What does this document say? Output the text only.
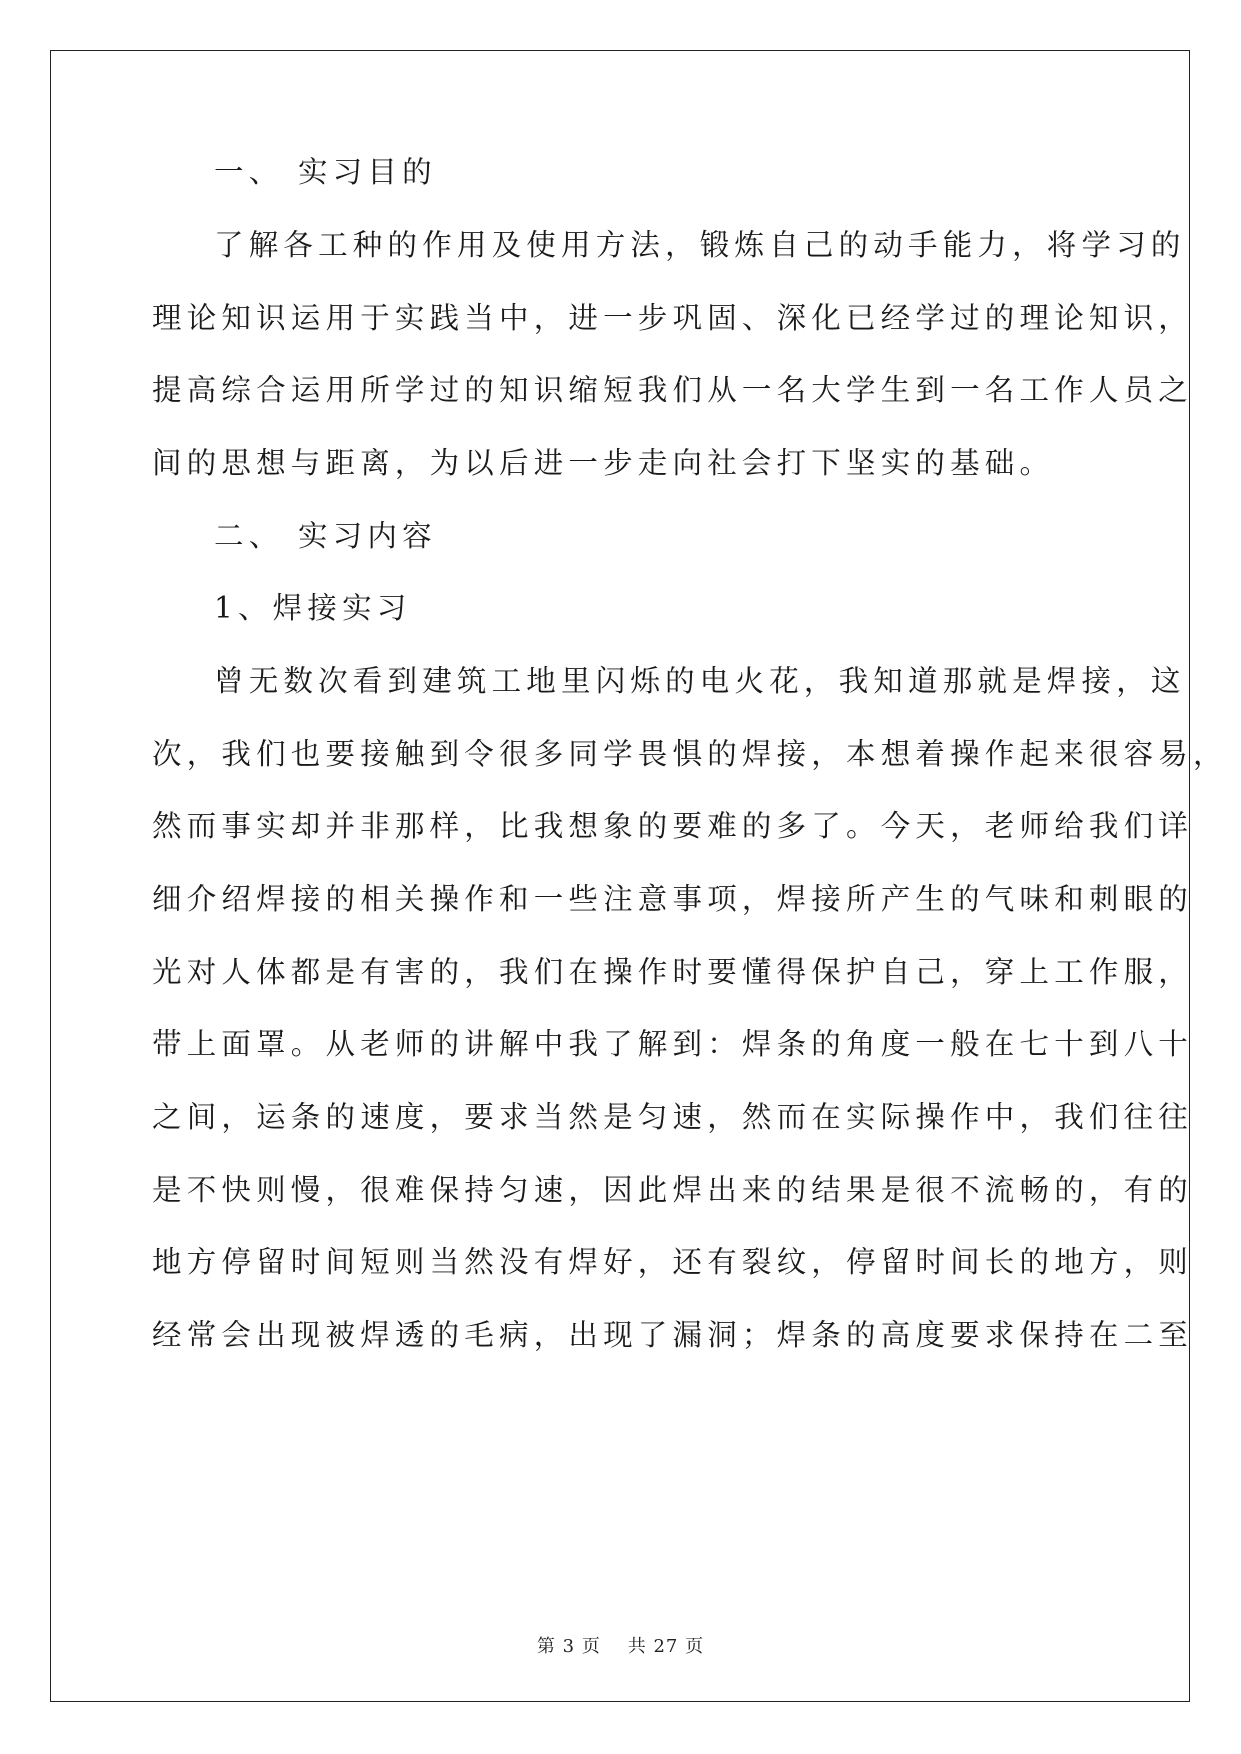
一、 实习目的
了解各工种的作用及使用方法，锻炼自己的动手能力，将学习的
理论知识运用于实践当中，进一步巩固、深化已经学过的理论知识，
提高综合运用所学过的知识缩短我们从一名大学生到一名工作人员之
间的思想与距离，为以后进一步走向社会打下坚实的基础。
二、 实习内容
1、焊接实习
曾无数次看到建筑工地里闪烁的电火花，我知道那就是焊接，这
次，我们也要接触到令很多同学畏惧的焊接，本想着操作起来很容易，
然而事实却并非那样，比我想象的要难的多了。今天，老师给我们详
细介绍焊接的相关操作和一些注意事项，焊接所产生的气味和刺眼的
光对人体都是有害的，我们在操作时要懂得保护自己，穿上工作服，
带上面罩。从老师的讲解中我了解到：焊条的角度一般在七十到八十
之间，运条的速度，要求当然是匀速，然而在实际操作中，我们往往
是不快则慢，很难保持匀速，因此焊出来的结果是很不流畅的，有的
地方停留时间短则当然没有焊好，还有裂纹，停留时间长的地方，则
经常会出现被焊透的毛病，出现了漏洞；焊条的高度要求保持在二至
第 3 页 共 27 页
